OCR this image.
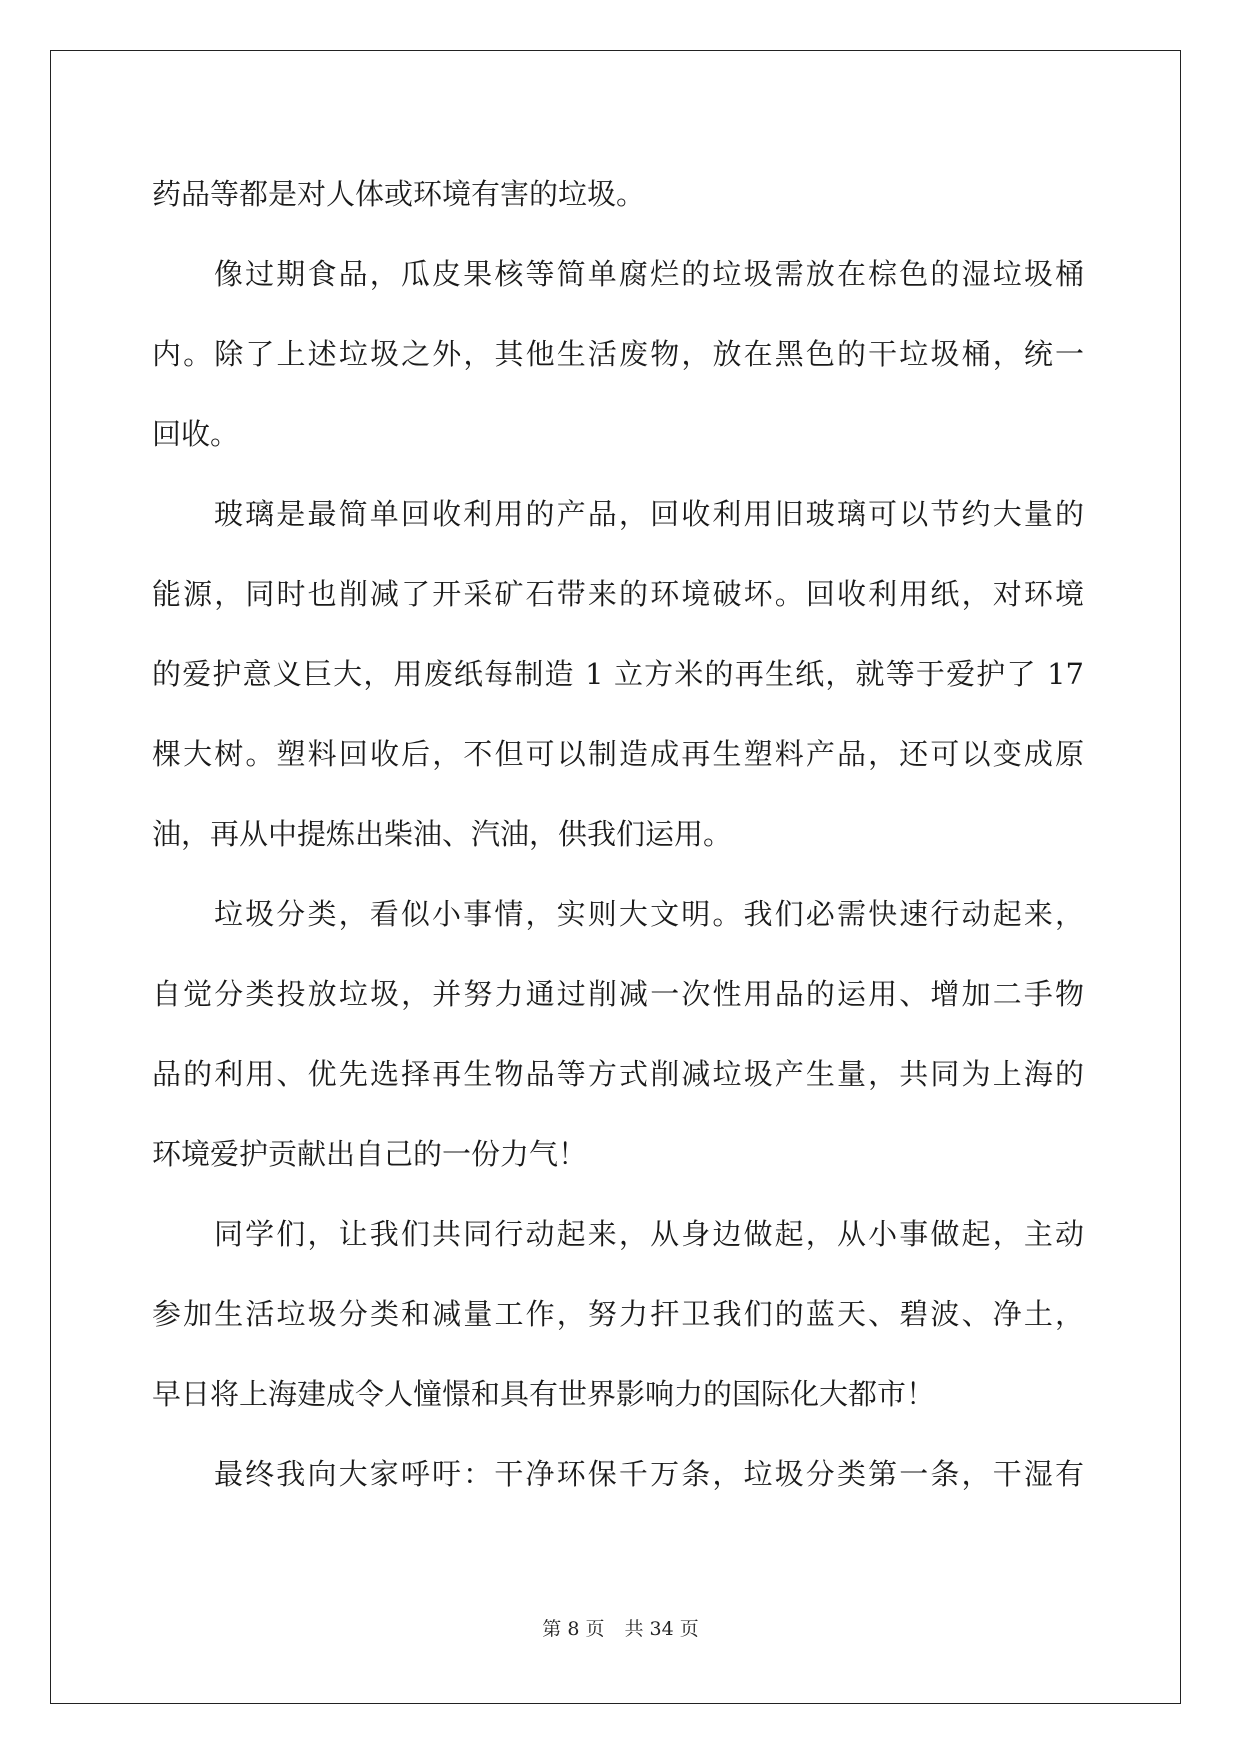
药品等都是对人体或环境有害的垃圾。
像过期食品，瓜皮果核等简单腐烂的垃圾需放在棕色的湿垃圾桶
内。除了上述垃圾之外，其他生活废物，放在黑色的干垃圾桶，统一
回收。
玻璃是最简单回收利用的产品，回收利用旧玻璃可以节约大量的
能源，同时也削减了开采矿石带来的环境破坏。回收利用纸，对环境
的爱护意义巨大，用废纸每制造 1 立方米的再生纸，就等于爱护了 17
棵大树。塑料回收后，不但可以制造成再生塑料产品，还可以变成原
油，再从中提炼出柴油、汽油，供我们运用。
垃圾分类，看似小事情，实则大文明。我们必需快速行动起来，
自觉分类投放垃圾，并努力通过削减一次性用品的运用、增加二手物
品的利用、优先选择再生物品等方式削减垃圾产生量，共同为上海的
环境爱护贡献出自己的一份力气！
同学们，让我们共同行动起来，从身边做起，从小事做起，主动
参加生活垃圾分类和减量工作，努力扞卫我们的蓝天、碧波、净土，
早日将上海建成令人憧憬和具有世界影响力的国际化大都市！
最终我向大家呼吁：干净环保千万条，垃圾分类第一条，干湿有
第 8 页 共 34 页
